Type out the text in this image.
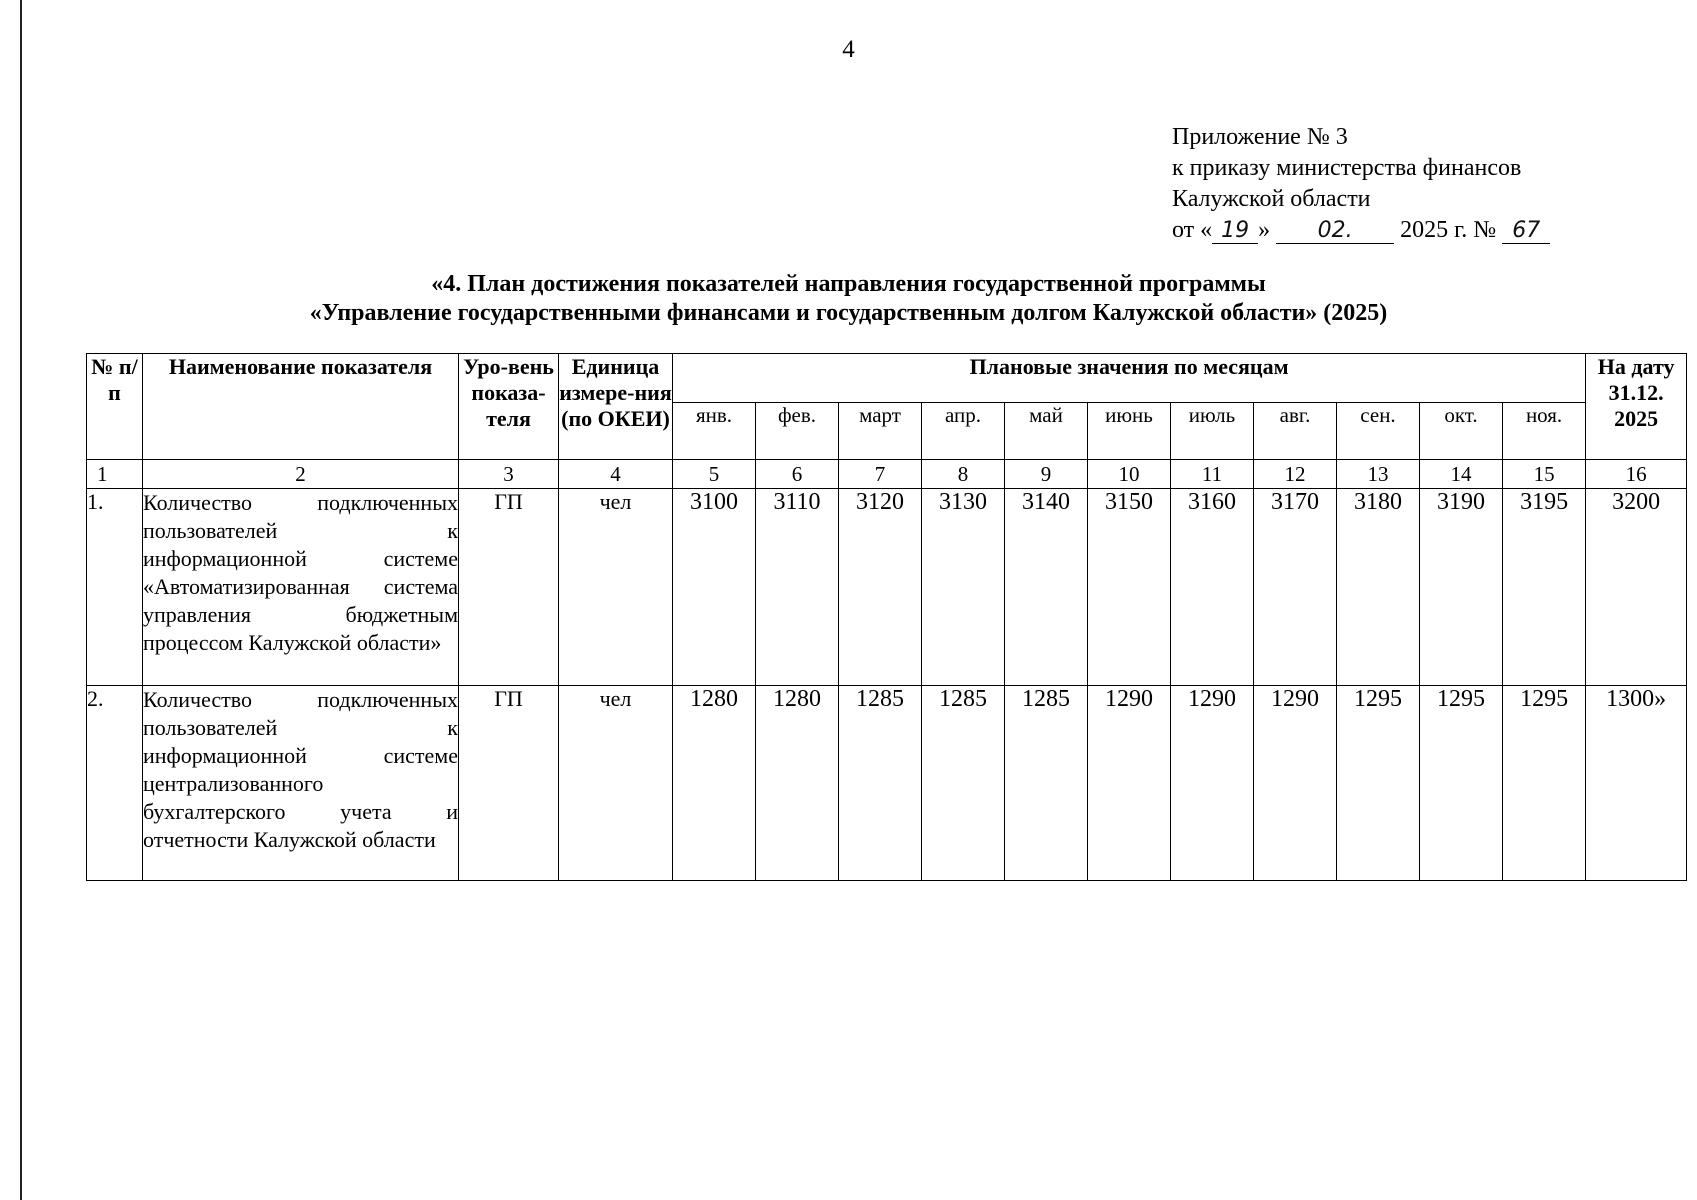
4
Приложение № 3
к приказу министерства финансов
Калужской области
от « 19 » 02. 2025 г. № 67
«4. План достижения показателей направления государственной программы
«Управление государственными финансами и государственным долгом Калужской области» (2025)
№ п/п	Наименование показателя	Уро-вень показа-теля	Единица измере-ния (по ОКЕИ)	Плановые значения по месяцам											На дату 31.12. 2025
				янв.	фев.	март	апр.	май	июнь	июль	авг.	сен.	окт.	ноя.	
1	2	3	4	5	6	7	8	9	10	11	12	13	14	15	16
1.	Количество подключенных пользователей к информационной системе «Автоматизированная система управления бюджетным процессом Калужской области»	ГП	чел	3100	3110	3120	3130	3140	3150	3160	3170	3180	3190	3195	3200
2.	Количество подключенных пользователей к информационной системе централизованного бухгалтерского учета и отчетности Калужской области	ГП	чел	1280	1280	1285	1285	1285	1290	1290	1290	1295	1295	1295	1300»
